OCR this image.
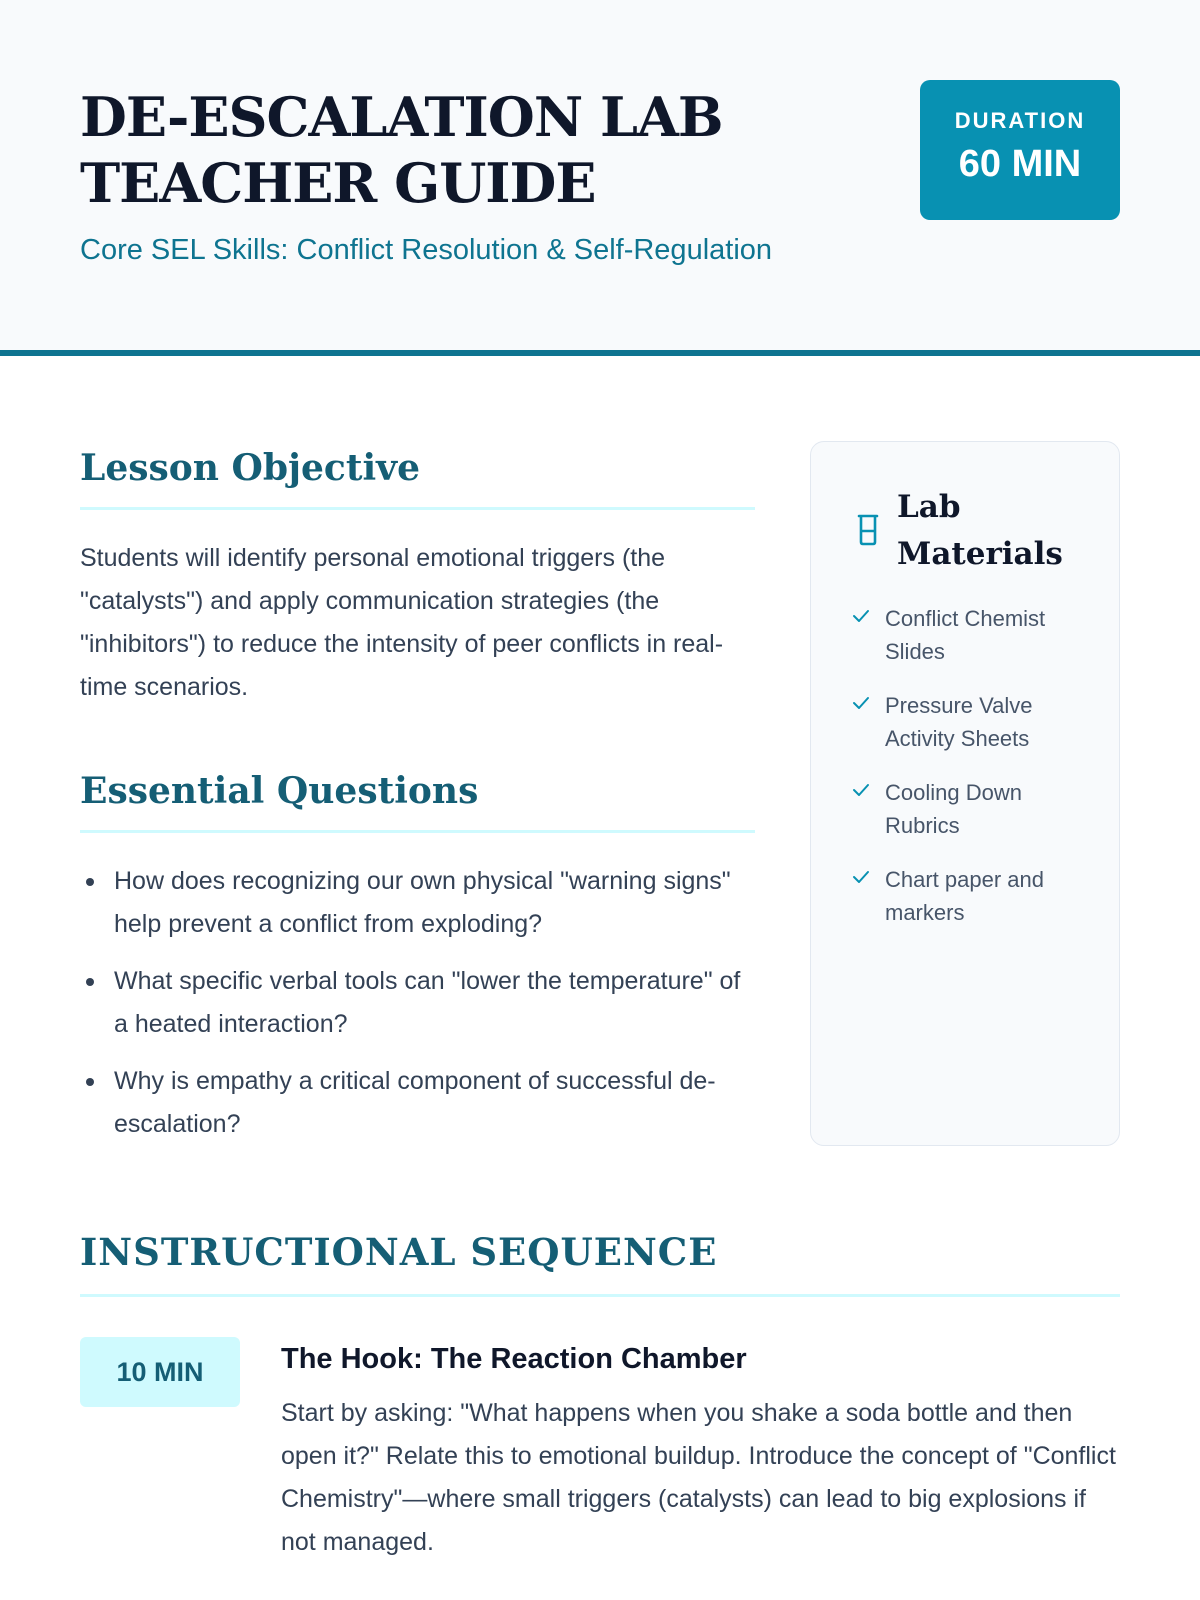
DE-ESCALATION LAB TEACHER GUIDE
Core SEL Skills: Conflict Resolution & Self-Regulation
DURATION
60 MIN
Lesson Objective

Students will identify personal emotional triggers (the "catalysts") and apply communication strategies (the "inhibitors") to reduce the intensity of peer conflicts in real-time scenarios.

Essential Questions
How does recognizing our own physical "warning signs" help prevent a conflict from exploding?
What specific verbal tools can "lower the temperature" of a heated interaction?
Why is empathy a critical component of successful de-escalation?
Lab Materials
Conflict Chemist Slides
Pressure Valve Activity Sheets
Cooling Down Rubrics
Chart paper and markers
INSTRUCTIONAL SEQUENCE
10 MIN	The Hook: The Reaction Chamber

Start by asking: "What happens when you shake a soda bottle and then open it?" Relate this to emotional buildup. Introduce the concept of "Conflict Chemistry"—where small triggers (catalysts) can lead to big explosions if not managed.
